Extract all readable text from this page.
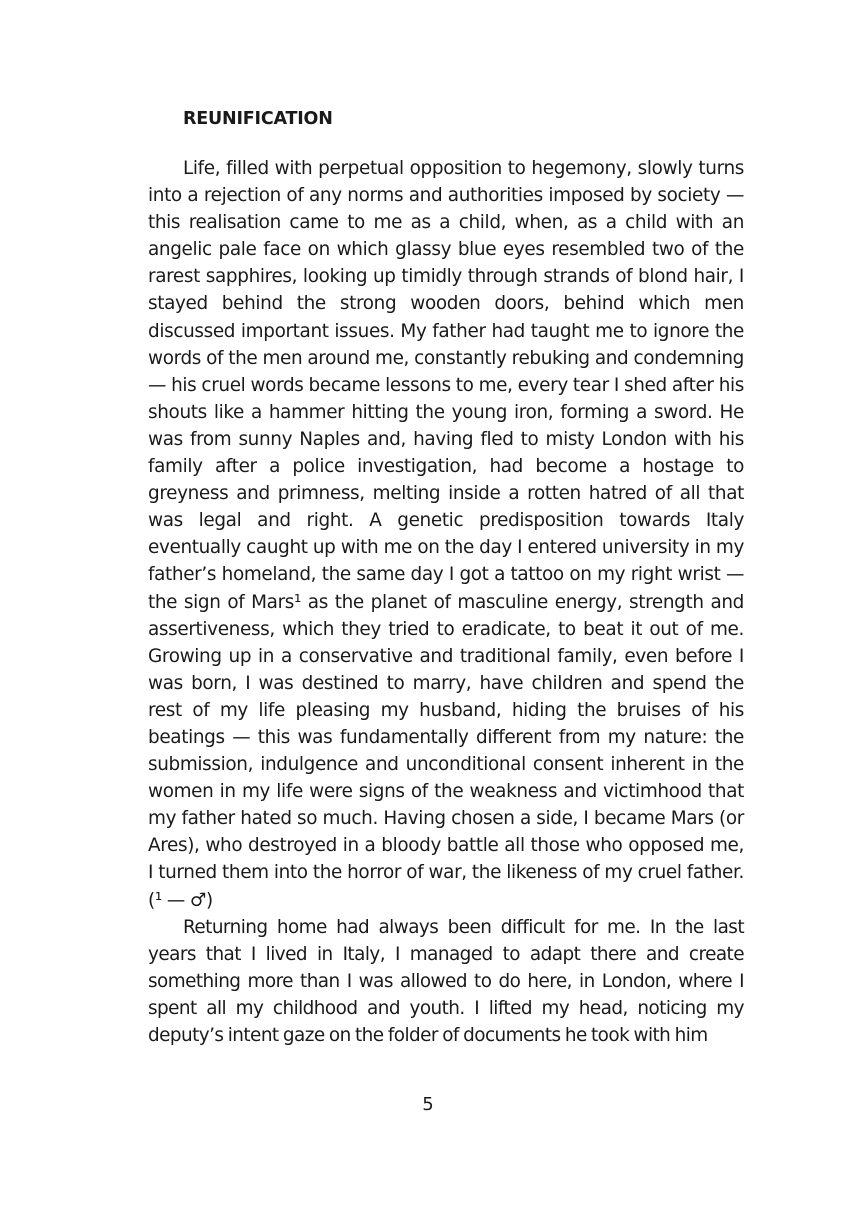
REUNIFICATION

Life, filled with perpetual opposition to hegemony, slowly turns into a rejection of any norms and authorities imposed by society — this realisation came to me as a child, when, as a child with an angelic pale face on which glassy blue eyes resembled two of the rarest sapphires, looking up timidly through strands of blond hair, I stayed behind the strong wooden doors, behind which men discussed important issues. My father had taught me to ignore the words of the men around me, constantly rebuking and condemning — his cruel words became lessons to me, every tear I shed after his shouts like a hammer hitting the young iron, forming a sword. He was from sunny Naples and, having fled to misty London with his family after a police investigation, had become a hostage to greyness and primness, melting inside a rotten hatred of all that was legal and right. A genetic predisposition towards Italy eventually caught up with me on the day I entered university in my father’s homeland, the same day I got a tattoo on my right wrist — the sign of Mars¹ as the planet of masculine energy, strength and assertiveness, which they tried to eradicate, to beat it out of me. Growing up in a conservative and traditional family, even before I was born, I was destined to marry, have children and spend the rest of my life pleasing my husband, hiding the bruises of his beatings — this was fundamentally different from my nature: the submission, indulgence and unconditional consent inherent in the women in my life were signs of the weakness and victimhood that my father hated so much. Having chosen a side, I became Mars (or Ares), who destroyed in a bloody battle all those who opposed me, I turned them into the horror of war, the likeness of my cruel father. (¹ — ♂)

Returning home had always been difficult for me. In the last years that I lived in Italy, I managed to adapt there and create something more than I was allowed to do here, in London, where I spent all my childhood and youth. I lifted my head, noticing my deputy’s intent gaze on the folder of documents he took with him

5
